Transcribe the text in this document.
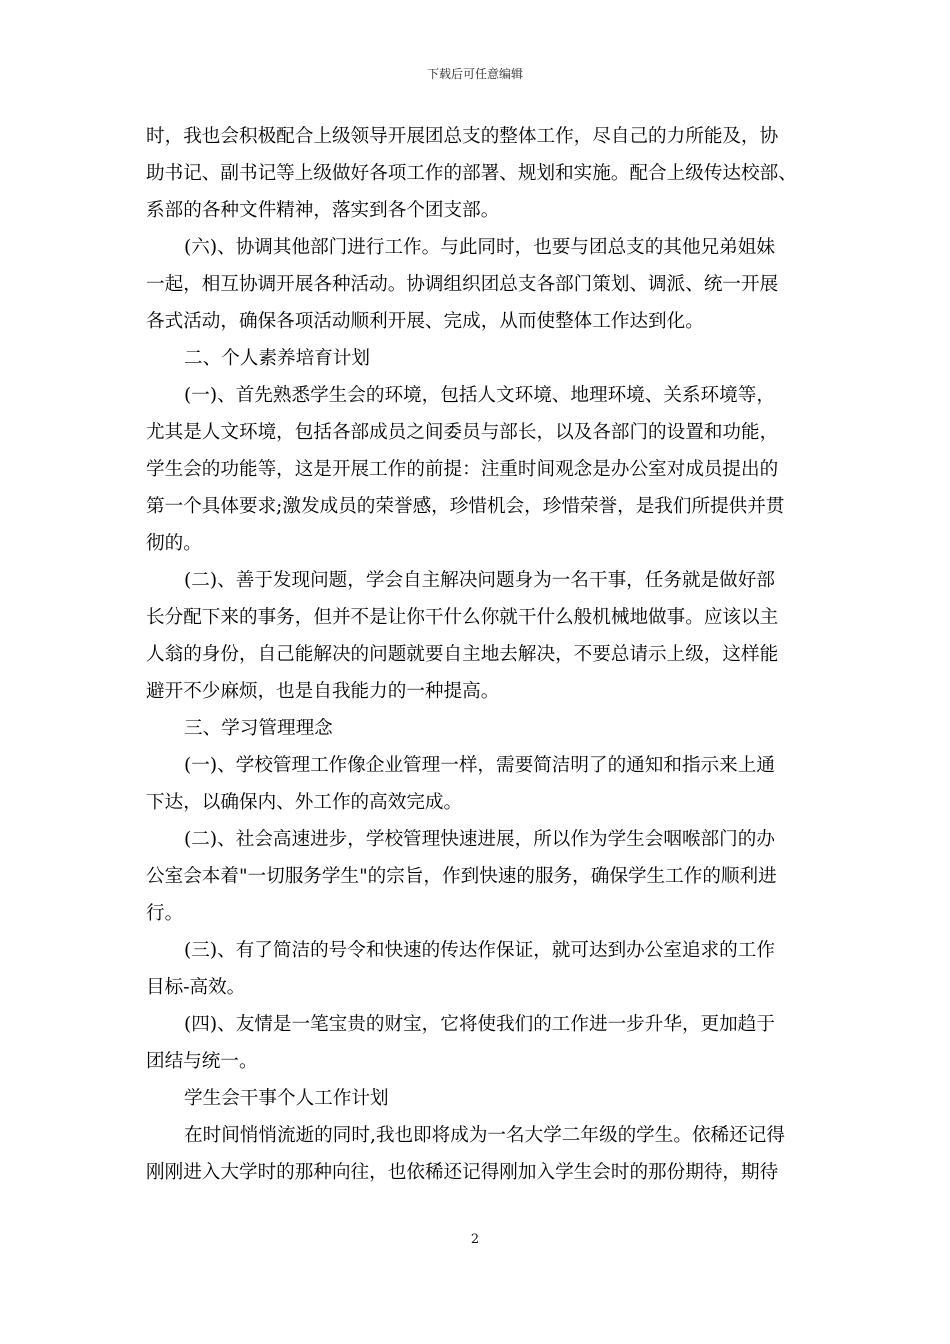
下载后可任意编辑
时，我也会积极配合上级领导开展团总支的整体工作，尽自己的力所能及，协
助书记、副书记等上级做好各项工作的部署、规划和实施。配合上级传达校部、
系部的各种文件精神，落实到各个团支部。
(六)、协调其他部门进行工作。与此同时，也要与团总支的其他兄弟姐妹
一起，相互协调开展各种活动。协调组织团总支各部门策划、调派、统一开展
各式活动，确保各项活动顺利开展、完成，从而使整体工作达到化。
二、个人素养培育计划
(一)、首先熟悉学生会的环境，包括人文环境、地理环境、关系环境等，
尤其是人文环境，包括各部成员之间委员与部长，以及各部门的设置和功能，
学生会的功能等，这是开展工作的前提：注重时间观念是办公室对成员提出的
第一个具体要求;激发成员的荣誉感，珍惜机会，珍惜荣誉，是我们所提供并贯
彻的。
(二)、善于发现问题，学会自主解决问题身为一名干事，任务就是做好部
长分配下来的事务，但并不是让你干什么你就干什么般机械地做事。应该以主
人翁的身份，自己能解决的问题就要自主地去解决，不要总请示上级，这样能
避开不少麻烦，也是自我能力的一种提高。
三、学习管理理念
(一)、学校管理工作像企业管理一样，需要简洁明了的通知和指示来上通
下达，以确保内、外工作的高效完成。
(二)、社会高速进步，学校管理快速进展，所以作为学生会咽喉部门的办
公室会本着"一切服务学生"的宗旨，作到快速的服务，确保学生工作的顺利进
行。
(三)、有了简洁的号令和快速的传达作保证，就可达到办公室追求的工作
目标-高效。
(四)、友情是一笔宝贵的财宝，它将使我们的工作进一步升华，更加趋于
团结与统一。
学生会干事个人工作计划
在时间悄悄流逝的同时,我也即将成为一名大学二年级的学生。依稀还记得
刚刚进入大学时的那种向往，也依稀还记得刚加入学生会时的那份期待，期待
2
